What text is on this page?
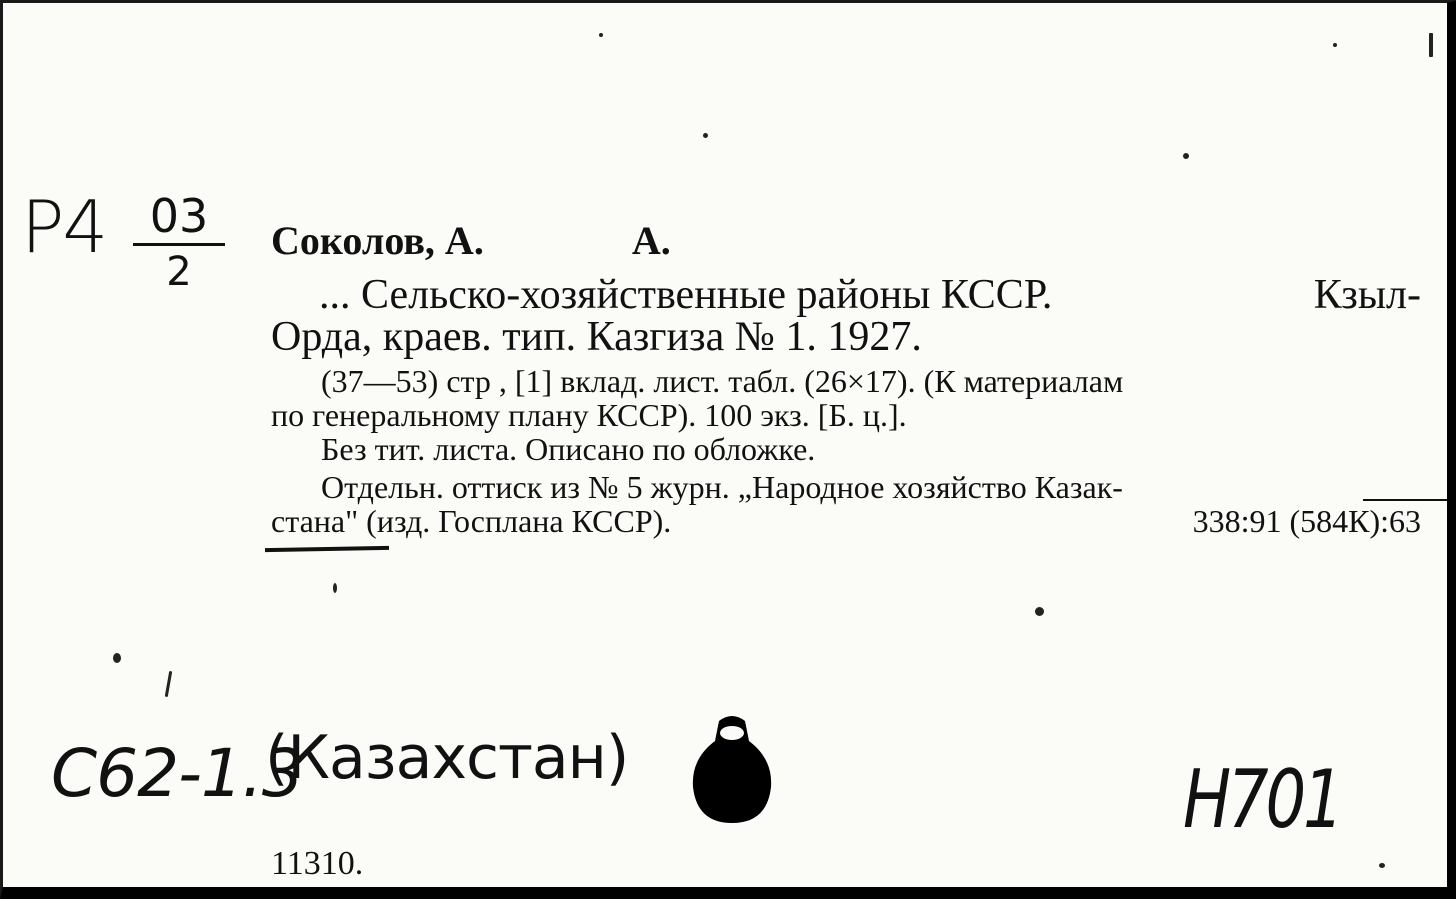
Р4 03
2
Соколов, А.	А.
... Сельско-хозяйственные районы КССР.	Кзыл-
Орда, краев. тип. Казгиза № 1. 1927.
(37—53) стр , [1] вклад. лист. табл. (26×17). (К материалам
по генеральному плану КССР). 100 экз. [Б. ц.].
Без тит. листа. Описано по обложке.
Отдельн. оттиск из № 5 журн. „Народное хозяйство Казак-
стана" (изд. Госплана КССР).	338:91 (584К):63
С62-1.3
(Казахстан)	Н701
11310.
